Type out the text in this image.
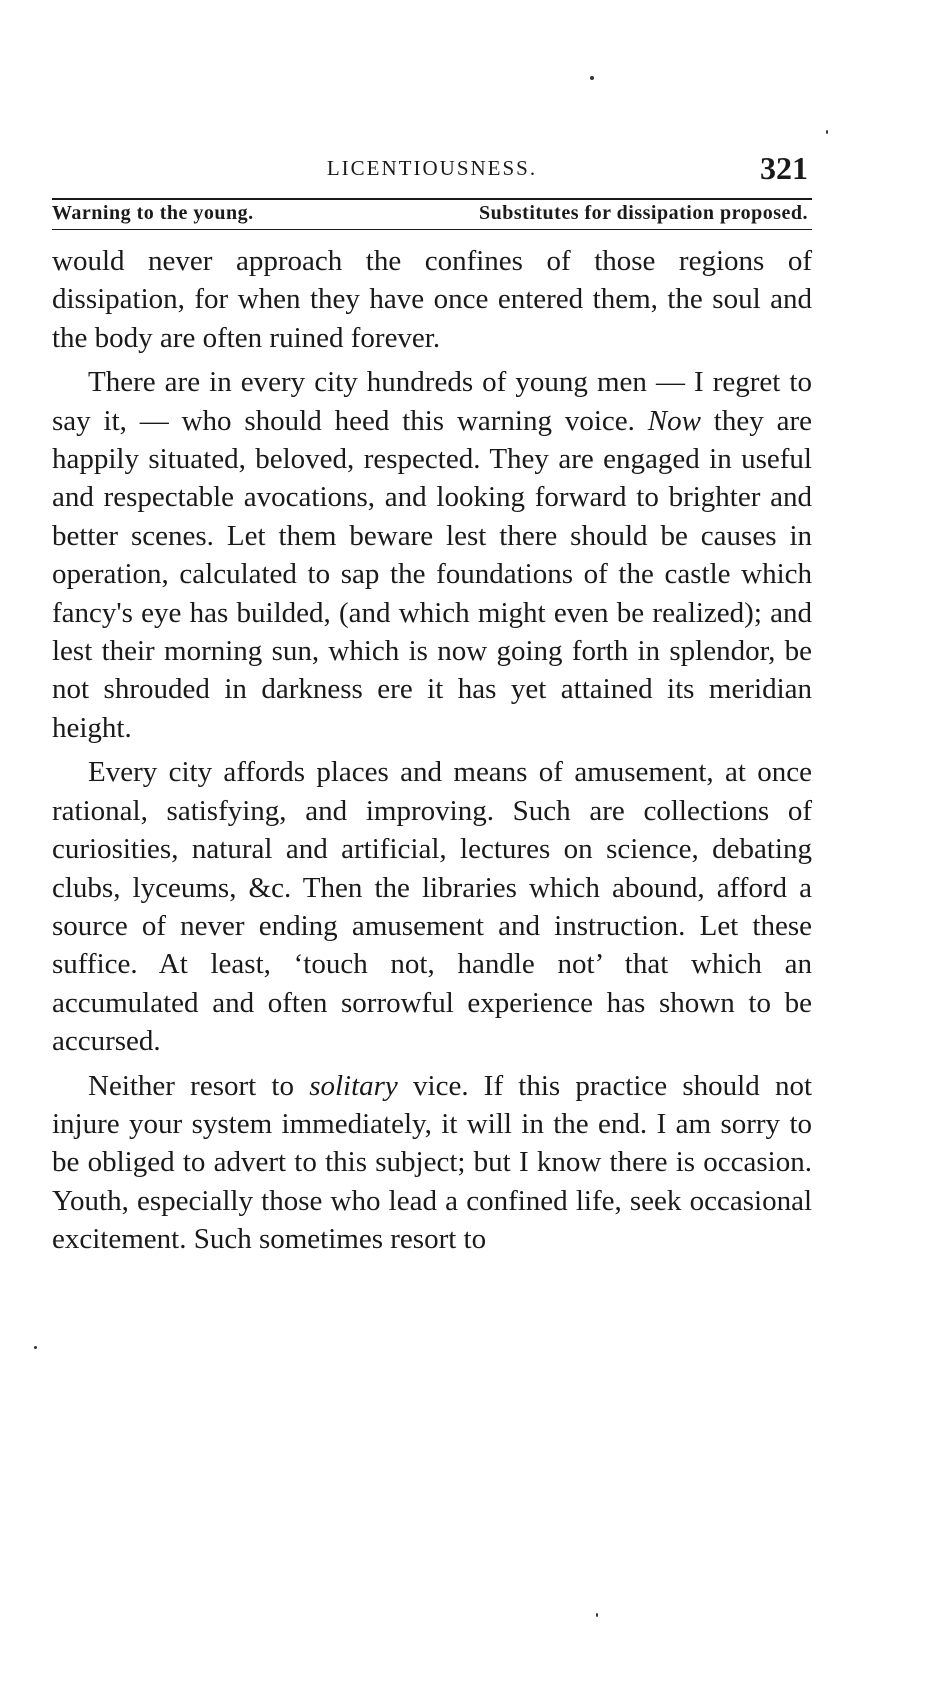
LICENTIOUSNESS.	321
Warning to the young.	Substitutes for dissipation proposed.

would never approach the confines of those regions of dissipation, for when they have once entered them, the soul and the body are often ruined forever.

There are in every city hundreds of young men — I regret to say it, — who should heed this warning voice. Now they are happily situated, beloved, respected. They are engaged in useful and respectable avocations, and looking forward to brighter and better scenes. Let them beware lest there should be causes in operation, calculated to sap the foundations of the castle which fancy's eye has builded, (and which might even be realized); and lest their morning sun, which is now going forth in splendor, be not shrouded in darkness ere it has yet attained its meridian height.

Every city affords places and means of amusement, at once rational, satisfying, and improving. Such are collections of curiosities, natural and artificial, lectures on science, debating clubs, lyceums, &c. Then the libraries which abound, afford a source of never ending amusement and instruction. Let these suffice. At least, ‘touch not, handle not’ that which an accumulated and often sorrowful experience has shown to be accursed.

Neither resort to solitary vice. If this practice should not injure your system immediately, it will in the end. I am sorry to be obliged to advert to this subject; but I know there is occasion. Youth, especially those who lead a confined life, seek occasional excitement. Such sometimes resort to
